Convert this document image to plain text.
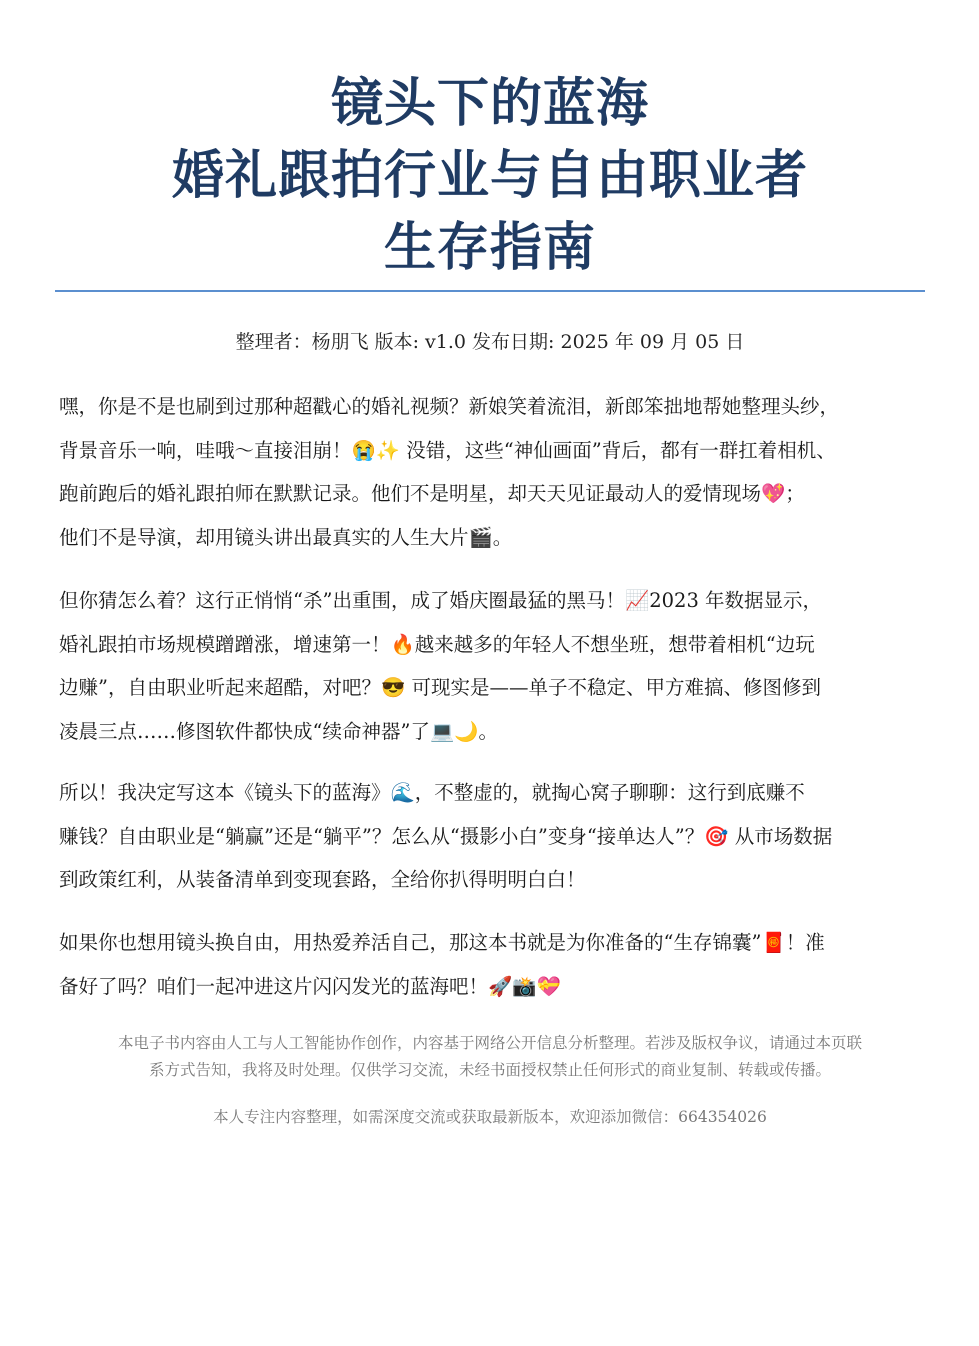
镜头下的蓝海
婚礼跟拍行业与自由职业者
生存指南
整理者：杨朋飞 版本: v1.0 发布日期: 2025 年 09 月 05 日
嘿，你是不是也刷到过那种超戳心的婚礼视频？新娘笑着流泪，新郎笨拙地帮她整理头纱，
背景音乐一响，哇哦～直接泪崩！😭✨ 没错，这些“神仙画面”背后，都有一群扛着相机、
跑前跑后的婚礼跟拍师在默默记录。他们不是明星，却天天见证最动人的爱情现场💖；
他们不是导演，却用镜头讲出最真实的人生大片🎬。
但你猜怎么着？这行正悄悄“杀”出重围，成了婚庆圈最猛的黑马！📈2023 年数据显示，
婚礼跟拍市场规模蹭蹭涨，增速第一！🔥越来越多的年轻人不想坐班，想带着相机“边玩
边赚”，自由职业听起来超酷，对吧？😎 可现实是——单子不稳定、甲方难搞、修图修到
凌晨三点……修图软件都快成“续命神器”了💻🌙。
所以！我决定写这本《镜头下的蓝海》🌊，不整虚的，就掏心窝子聊聊：这行到底赚不
赚钱？自由职业是“躺赢”还是“躺平”？怎么从“摄影小白”变身“接单达人”？🎯 从市场数据
到政策红利，从装备清单到变现套路，全给你扒得明明白白！
如果你也想用镜头换自由，用热爱养活自己，那这本书就是为你准备的“生存锦囊”🧧！准
备好了吗？咱们一起冲进这片闪闪发光的蓝海吧！🚀📸💝
本电子书内容由人工与人工智能协作创作，内容基于网络公开信息分析整理。若涉及版权争议，请通过本页联
系方式告知，我将及时处理。仅供学习交流，未经书面授权禁止任何形式的商业复制、转载或传播。
本人专注内容整理，如需深度交流或获取最新版本，欢迎添加微信：664354026
